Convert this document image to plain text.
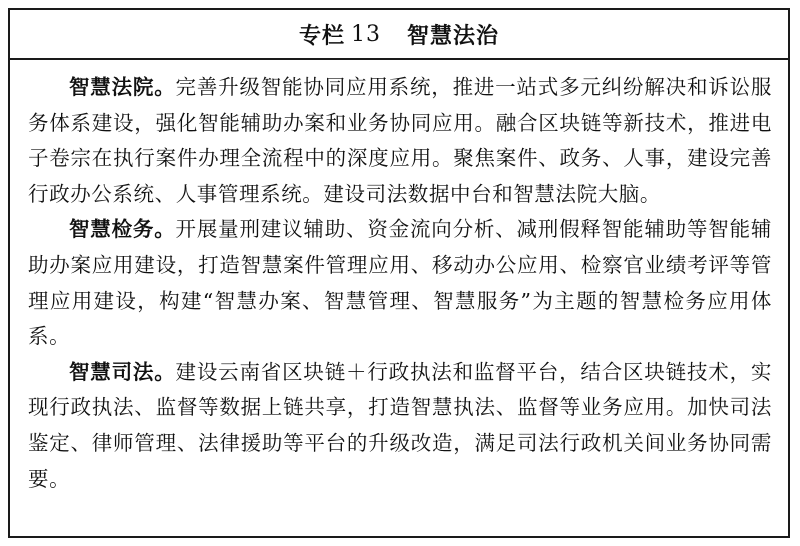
专栏 13 智慧法治

智慧法院。完善升级智能协同应用系统，推进一站式多元纠纷解决和诉讼服务体系建设，强化智能辅助办案和业务协同应用。融合区块链等新技术，推进电子卷宗在执行案件办理全流程中的深度应用。聚焦案件、政务、人事，建设完善行政办公系统、人事管理系统。建设司法数据中台和智慧法院大脑。

智慧检务。开展量刑建议辅助、资金流向分析、减刑假释智能辅助等智能辅助办案应用建设，打造智慧案件管理应用、移动办公应用、检察官业绩考评等管理应用建设，构建“智慧办案、智慧管理、智慧服务”为主题的智慧检务应用体系。

智慧司法。建设云南省区块链＋行政执法和监督平台，结合区块链技术，实现行政执法、监督等数据上链共享，打造智慧执法、监督等业务应用。加快司法鉴定、律师管理、法律援助等平台的升级改造，满足司法行政机关间业务协同需要。
